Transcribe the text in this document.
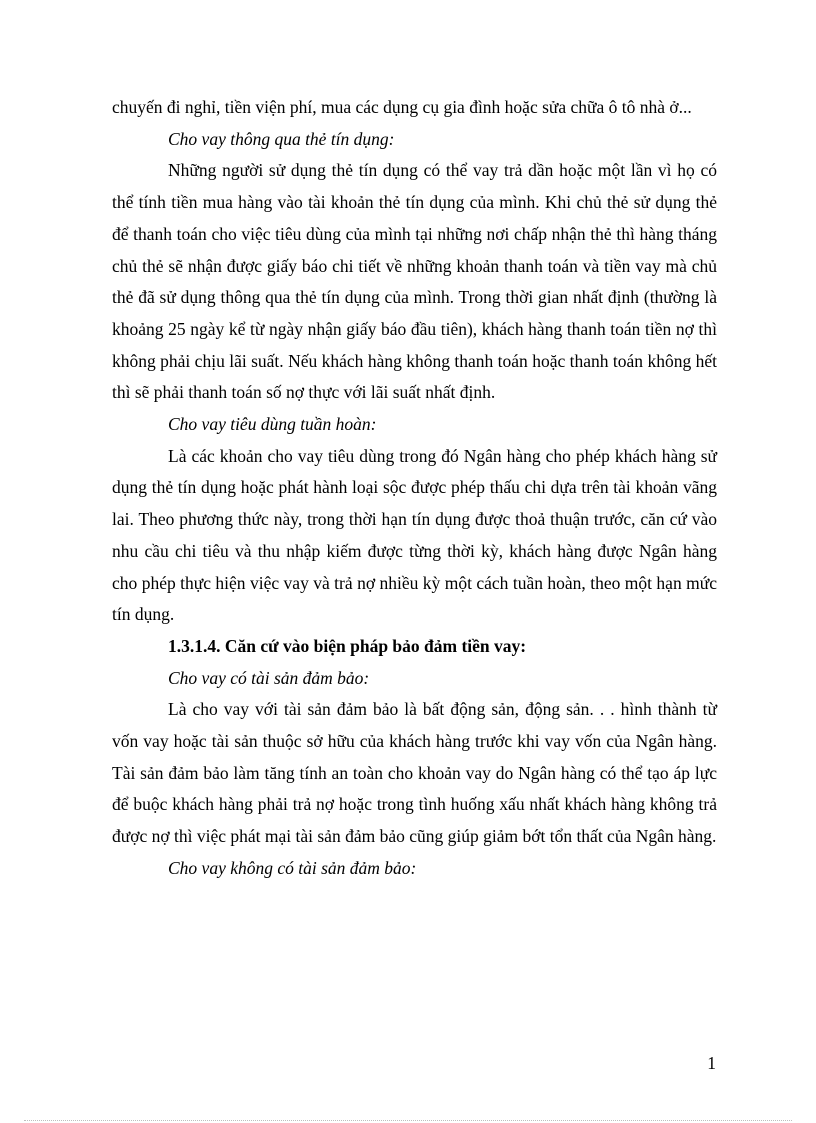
chuyến đi nghỉ, tiền viện phí, mua các dụng cụ gia đình hoặc sửa chữa ô tô nhà ở...

Cho vay thông qua thẻ tín dụng:

Những người sử dụng thẻ tín dụng có thể vay trả dần hoặc một lần vì họ có thể tính tiền mua hàng vào tài khoản thẻ tín dụng của mình. Khi chủ thẻ sử dụng thẻ để thanh toán cho việc tiêu dùng của mình tại những nơi chấp nhận thẻ thì hàng tháng chủ thẻ sẽ nhận được giấy báo chi tiết về những khoản thanh toán và tiền vay mà chủ thẻ đã sử dụng thông qua thẻ tín dụng của mình. Trong thời gian nhất định (thường là khoảng 25 ngày kể từ ngày nhận giấy báo đầu tiên), khách hàng thanh toán tiền nợ thì không phải chịu lãi suất. Nếu khách hàng không thanh toán hoặc thanh toán không hết thì sẽ phải thanh toán số nợ thực với lãi suất nhất định.

Cho vay tiêu dùng tuần hoàn:

Là các khoản cho vay tiêu dùng trong đó Ngân hàng cho phép khách hàng sử dụng thẻ tín dụng hoặc phát hành loại sộc được phép thấu chi dựa trên tài khoản vãng lai. Theo phương thức này, trong thời hạn tín dụng được thoả thuận trước, căn cứ vào nhu cầu chi tiêu và thu nhập kiếm được từng thời kỳ, khách hàng được Ngân hàng cho phép thực hiện việc vay và trả nợ nhiều kỳ một cách tuần hoàn, theo một hạn mức tín dụng.

1.3.1.4. Căn cứ vào biện pháp bảo đảm tiền vay:

Cho vay có tài sản đảm bảo:

Là cho vay với tài sản đảm bảo là bất động sản, động sản. . . hình thành từ vốn vay hoặc tài sản thuộc sở hữu của khách hàng trước khi vay vốn của Ngân hàng. Tài sản đảm bảo làm tăng tính an toàn cho khoản vay do Ngân hàng có thể tạo áp lực để buộc khách hàng phải trả nợ hoặc trong tình huống xấu nhất khách hàng không trả được nợ thì việc phát mại tài sản đảm bảo cũng giúp giảm bớt tổn thất của Ngân hàng.

Cho vay không có tài sản đảm bảo:

1
